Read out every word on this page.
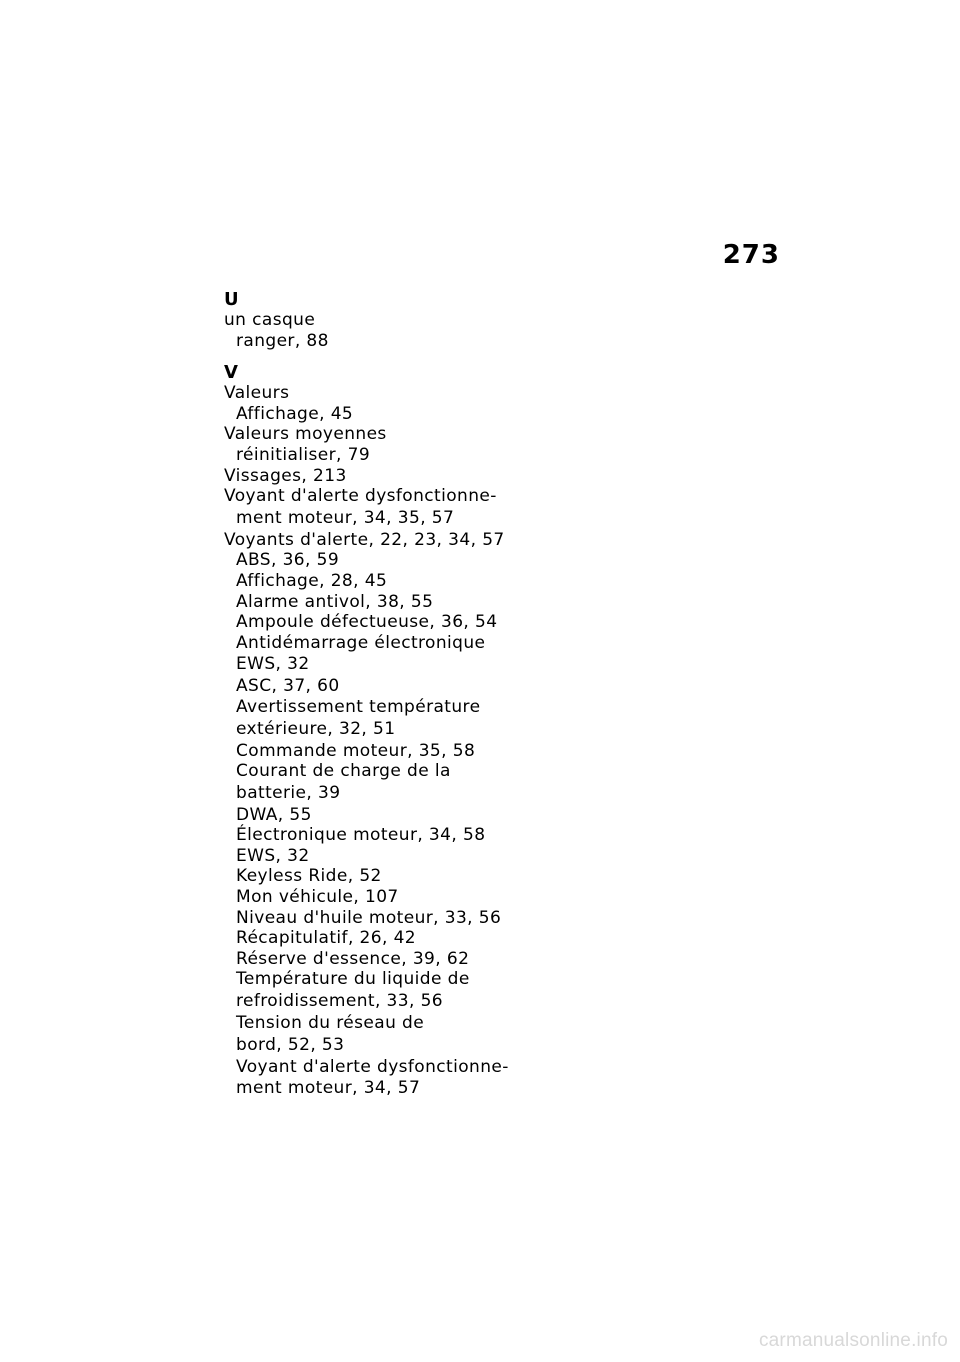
273
U
un casque
ranger, 88
V
Valeurs
Affichage, 45
Valeurs moyennes
réinitialiser, 79
Vissages, 213
Voyant d'alerte dysfonctionne-
ment moteur, 34, 35, 57
Voyants d'alerte, 22, 23, 34, 57
ABS, 36, 59
Affichage, 28, 45
Alarme antivol, 38, 55
Ampoule défectueuse, 36, 54
Antidémarrage électronique
EWS, 32
ASC, 37, 60
Avertissement température
extérieure, 32, 51
Commande moteur, 35, 58
Courant de charge de la
batterie, 39
DWA, 55
Électronique moteur, 34, 58
EWS, 32
Keyless Ride, 52
Mon véhicule, 107
Niveau d'huile moteur, 33, 56
Récapitulatif, 26, 42
Réserve d'essence, 39, 62
Température du liquide de
refroidissement, 33, 56
Tension du réseau de
bord, 52, 53
Voyant d'alerte dysfonctionne-
ment moteur, 34, 57
carmanualsonline.info
